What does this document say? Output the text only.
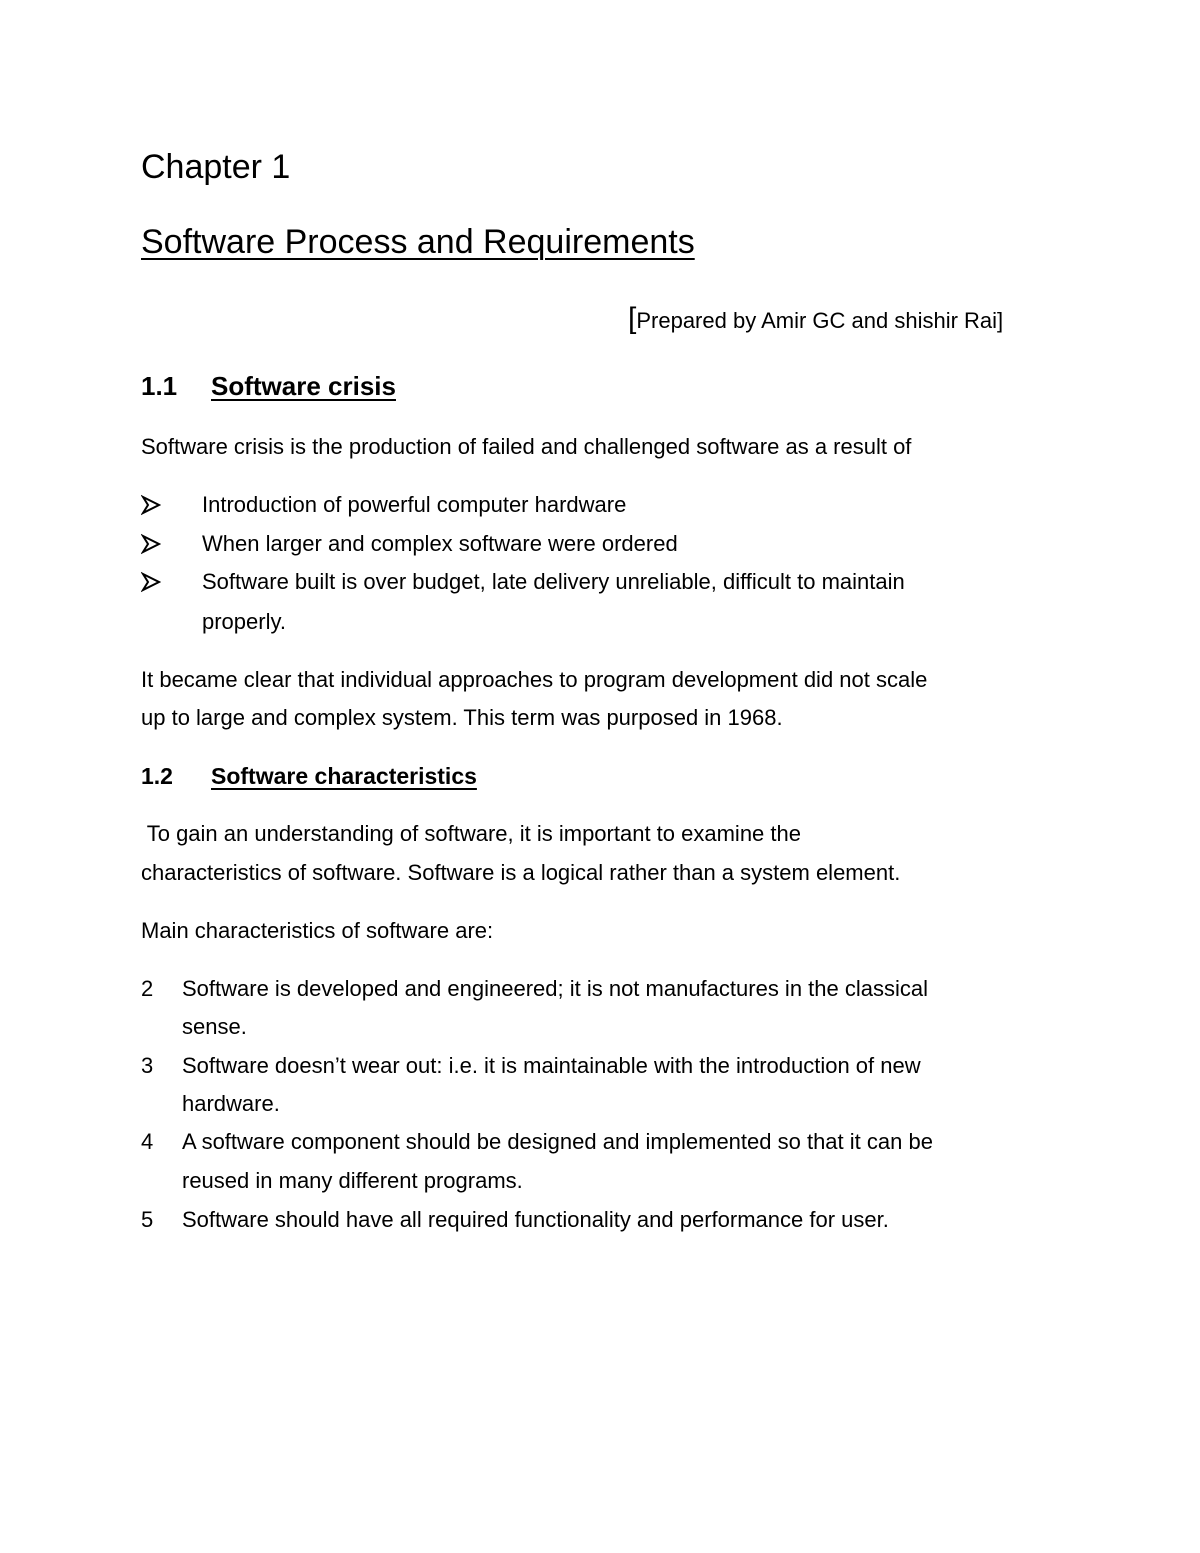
Chapter 1
Software Process and Requirements
[Prepared by Amir GC and shishir Rai]
1.1 Software crisis
Software crisis is the production of failed and challenged software as a result of
Introduction of powerful computer hardware
When larger and complex software were ordered
Software built is over budget, late delivery unreliable, difficult to maintain
properly.
It became clear that individual approaches to program development did not scale
up to large and complex system. This term was purposed in 1968.
1.2 Software characteristics
To gain an understanding of software, it is important to examine the
characteristics of software. Software is a logical rather than a system element.
Main characteristics of software are:
2 Software is developed and engineered; it is not manufactures in the classical
sense.
3 Software doesn’t wear out: i.e. it is maintainable with the introduction of new
hardware.
4 A software component should be designed and implemented so that it can be
reused in many different programs.
5 Software should have all required functionality and performance for user.
